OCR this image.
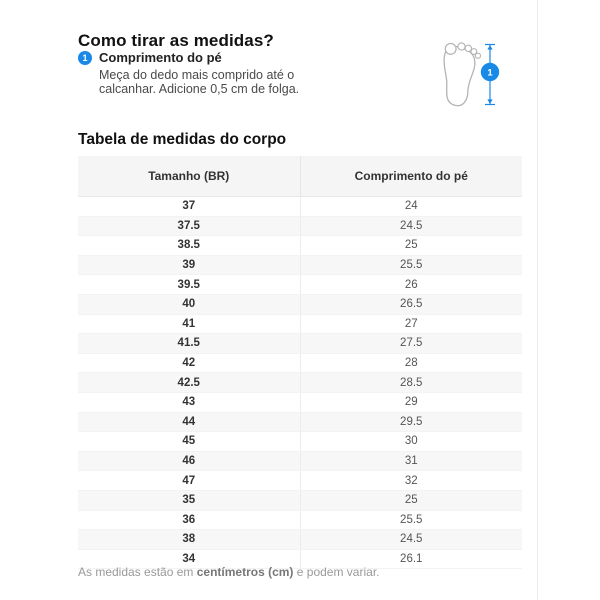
Como tirar as medidas?
1 Comprimento do pé
Meça do dedo mais comprido até o
calcanhar. Adicione 0,5 cm de folga.
1
Tabela de medidas do corpo
Tamanho (BR)	Comprimento do pé
37	24
37.5	24.5
38.5	25
39	25.5
39.5	26
40	26.5
41	27
41.5	27.5
42	28
42.5	28.5
43	29
44	29.5
45	30
46	31
47	32
35	25
36	25.5
38	24.5
34	26.1
As medidas estão em centímetros (cm) e podem variar.
